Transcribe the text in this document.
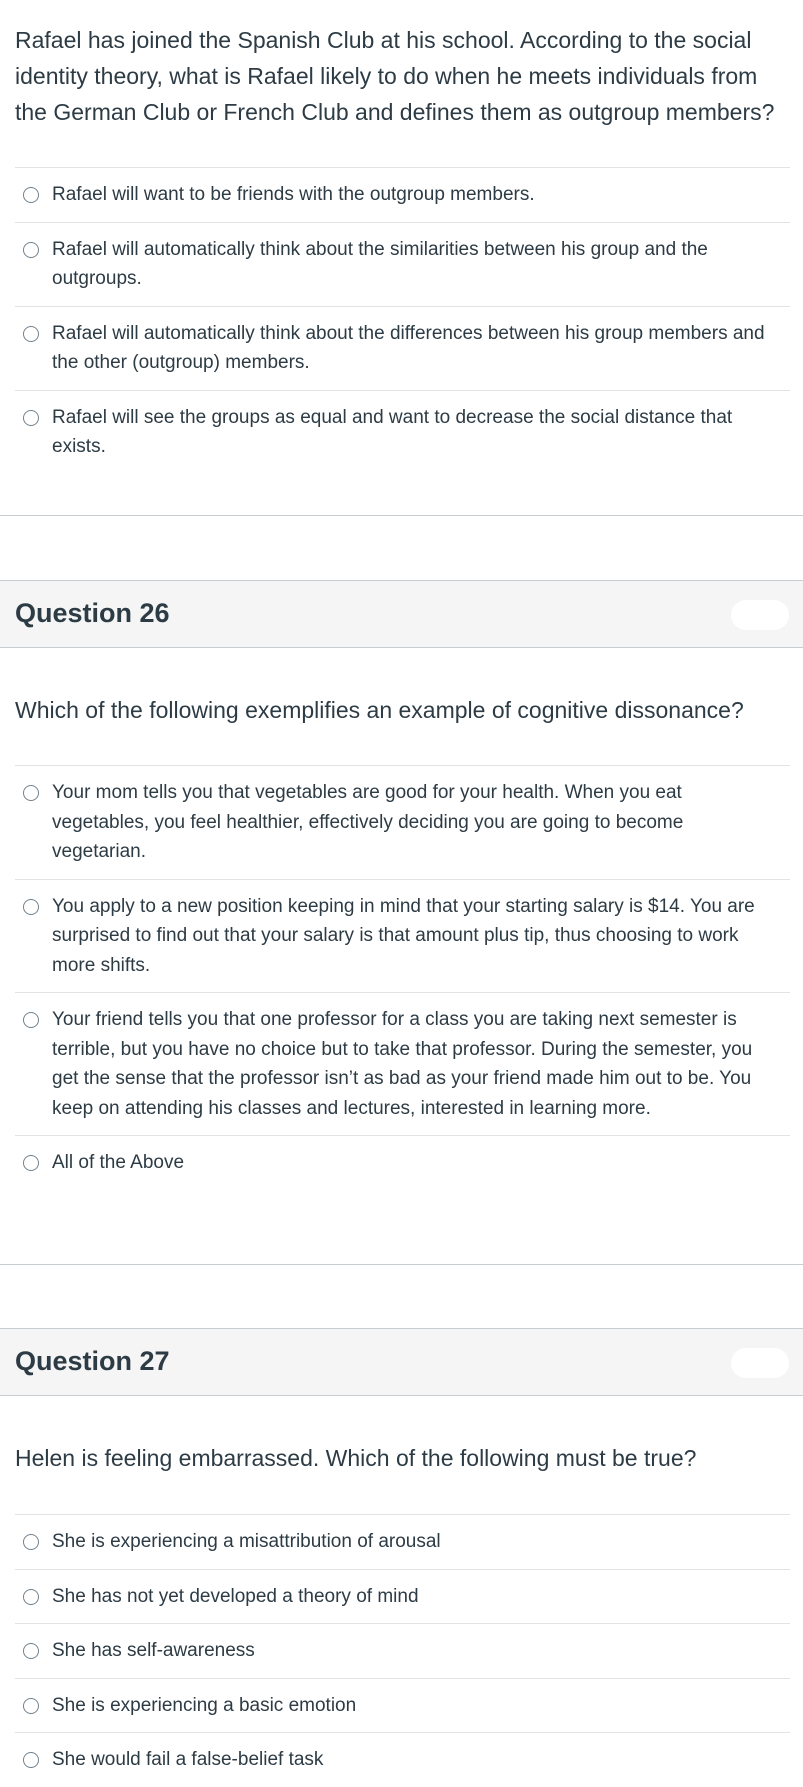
Rafael has joined the Spanish Club at his school. According to the social identity theory, what is Rafael likely to do when he meets individuals from the German Club or French Club and defines them as outgroup members?
Rafael will want to be friends with the outgroup members.
Rafael will automatically think about the similarities between his group and the outgroups.
Rafael will automatically think about the differences between his group members and the other (outgroup) members.
Rafael will see the groups as equal and want to decrease the social distance that exists.
Question 26
Which of the following exemplifies an example of cognitive dissonance?
Your mom tells you that vegetables are good for your health. When you eat vegetables, you feel healthier, effectively deciding you are going to become vegetarian.
You apply to a new position keeping in mind that your starting salary is $14. You are surprised to find out that your salary is that amount plus tip, thus choosing to work more shifts.
Your friend tells you that one professor for a class you are taking next semester is terrible, but you have no choice but to take that professor. During the semester, you get the sense that the professor isn’t as bad as your friend made him out to be. You keep on attending his classes and lectures, interested in learning more.
All of the Above
Question 27
Helen is feeling embarrassed. Which of the following must be true?
She is experiencing a misattribution of arousal
She has not yet developed a theory of mind
She has self-awareness
She is experiencing a basic emotion
She would fail a false-belief task
